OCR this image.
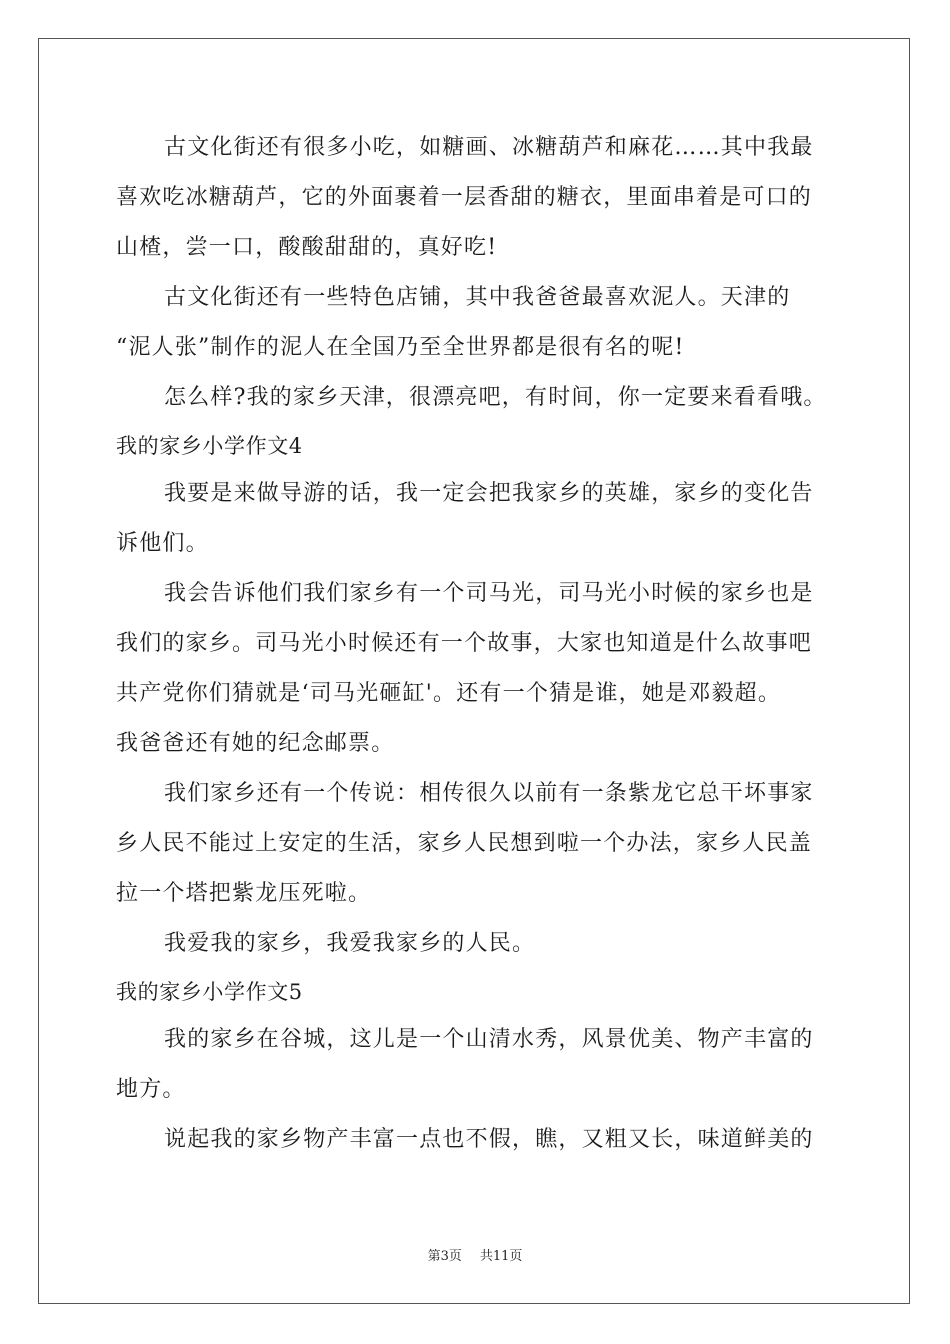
古文化街还有很多小吃，如糖画、冰糖葫芦和麻花……其中我最
喜欢吃冰糖葫芦，它的外面裹着一层香甜的糖衣，里面串着是可口的
山楂，尝一口，酸酸甜甜的，真好吃!
古文化街还有一些特色店铺，其中我爸爸最喜欢泥人。天津的
“泥人张”制作的泥人在全国乃至全世界都是很有名的呢!
怎么样?我的家乡天津，很漂亮吧，有时间，你一定要来看看哦。
我的家乡小学作文4
我要是来做导游的话，我一定会把我家乡的英雄，家乡的变化告
诉他们。
我会告诉他们我们家乡有一个司马光，司马光小时候的家乡也是
我们的家乡。司马光小时候还有一个故事，大家也知道是什么故事吧
共产党你们猜就是‘司马光砸缸'。还有一个猜是谁，她是邓毅超。
我爸爸还有她的纪念邮票。
我们家乡还有一个传说：相传很久以前有一条紫龙它总干坏事家
乡人民不能过上安定的生活，家乡人民想到啦一个办法，家乡人民盖
拉一个塔把紫龙压死啦。
我爱我的家乡，我爱我家乡的人民。
我的家乡小学作文5
我的家乡在谷城，这儿是一个山清水秀，风景优美、物产丰富的
地方。
说起我的家乡物产丰富一点也不假，瞧，又粗又长，味道鲜美的
第3页 共11页
